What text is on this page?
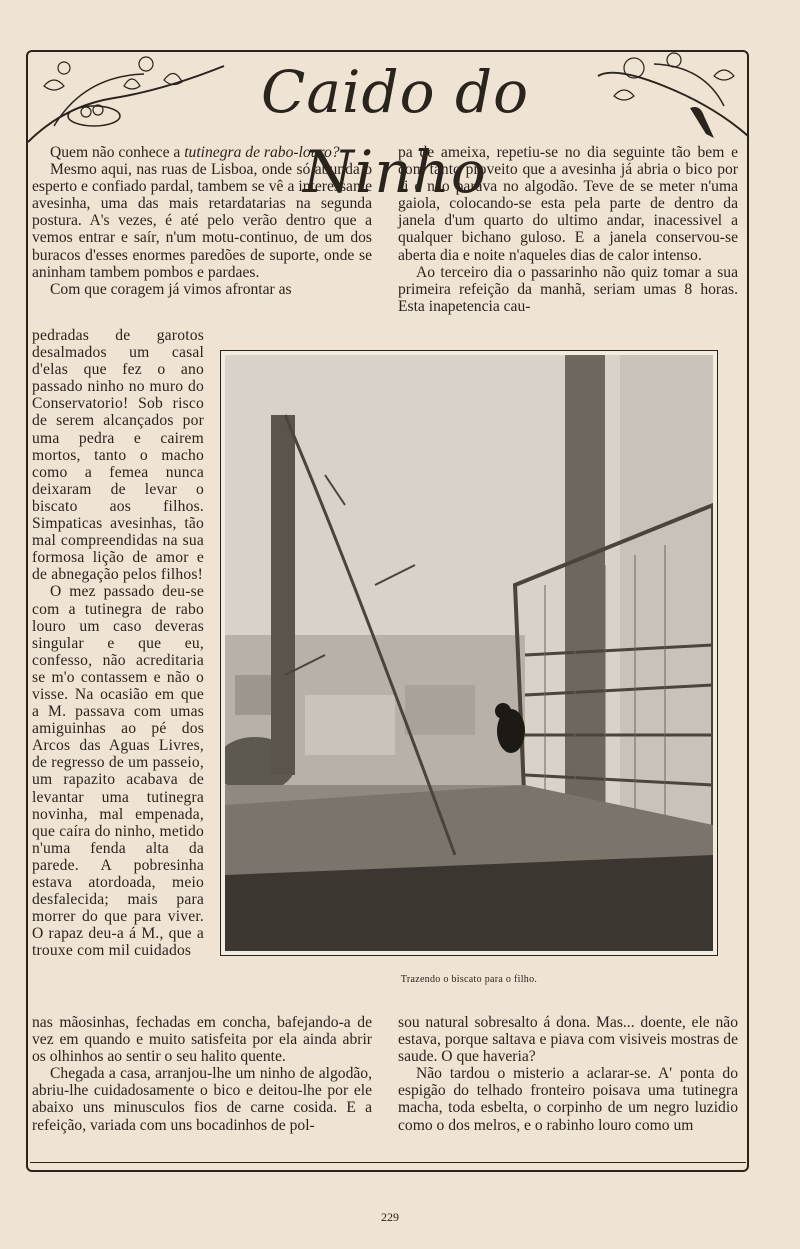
Caido do Ninho

Quem não conhece a tutinegra de rabo-louro?

Mesmo aqui, nas ruas de Lisboa, onde só abunda o esperto e confiado pardal, tambem se vê a interessante avesinha, uma das mais retardatarias na segunda postura. A's vezes, é até pelo verão dentro que a vemos entrar e saír, n'um motu-continuo, de um dos buracos d'esses enormes paredões de suporte, onde se aninham tambem pombos e pardaes.

Com que coragem já vimos afrontar as

pedradas de garotos desalmados um casal d'elas que fez o ano passado ninho no muro do Conservatorio! Sob risco de serem alcançados por uma pedra e cairem mortos, tanto o macho como a femea nunca deixaram de levar o biscato aos filhos. Simpaticas avesinhas, tão mal compreendidas na sua formosa lição de amor e de abnegação pelos filhos!

O mez passado deu-se com a tutinegra de rabo louro um caso deveras singular e que eu, confesso, não acreditaria se m'o contassem e não o visse. Na ocasião em que a M. passava com umas amiguinhas ao pé dos Arcos das Aguas Livres, de regresso de um passeio, um rapazito acabava de levantar uma tutinegra novinha, mal empenada, que caíra do ninho, metido n'uma fenda alta da parede. A pobresinha estava atordoada, meio desfalecida; mais para morrer do que para viver. O rapaz deu-a á M., que a trouxe com mil cuidados

pa de ameixa, repetiu-se no dia seguinte tão bem e com tanto proveito que a avesinha já abria o bico por si e não parava no algodão. Teve de se meter n'uma gaiola, colocando-se esta pela parte de dentro da janela d'um quarto do ultimo andar, inacessivel a qualquer bichano guloso. E a janela conservou-se aberta dia e noite n'aqueles dias de calor intenso.

Ao terceiro dia o passarinho não quiz tomar a sua primeira refeição da manhã, seriam umas 8 horas. Esta inapetencia cau-

Trazendo o biscato para o filho.

nas mãosinhas, fechadas em concha, bafejando-a de vez em quando e muito satisfeita por ela ainda abrir os olhinhos ao sentir o seu halito quente.

Chegada a casa, arranjou-lhe um ninho de algodão, abriu-lhe cuidadosamente o bico e deitou-lhe por ele abaixo uns minusculos fios de carne cosida. E a refeição, variada com uns bocadinhos de pol-

sou natural sobresalto á dona. Mas... doente, ele não estava, porque saltava e piava com visiveis mostras de saude. O que haveria?

Não tardou o misterio a aclarar-se. A' ponta do espigão do telhado fronteiro poisava uma tutinegra macha, toda esbelta, o corpinho de um negro luzidio como o dos melros, e o rabinho louro como um

229
